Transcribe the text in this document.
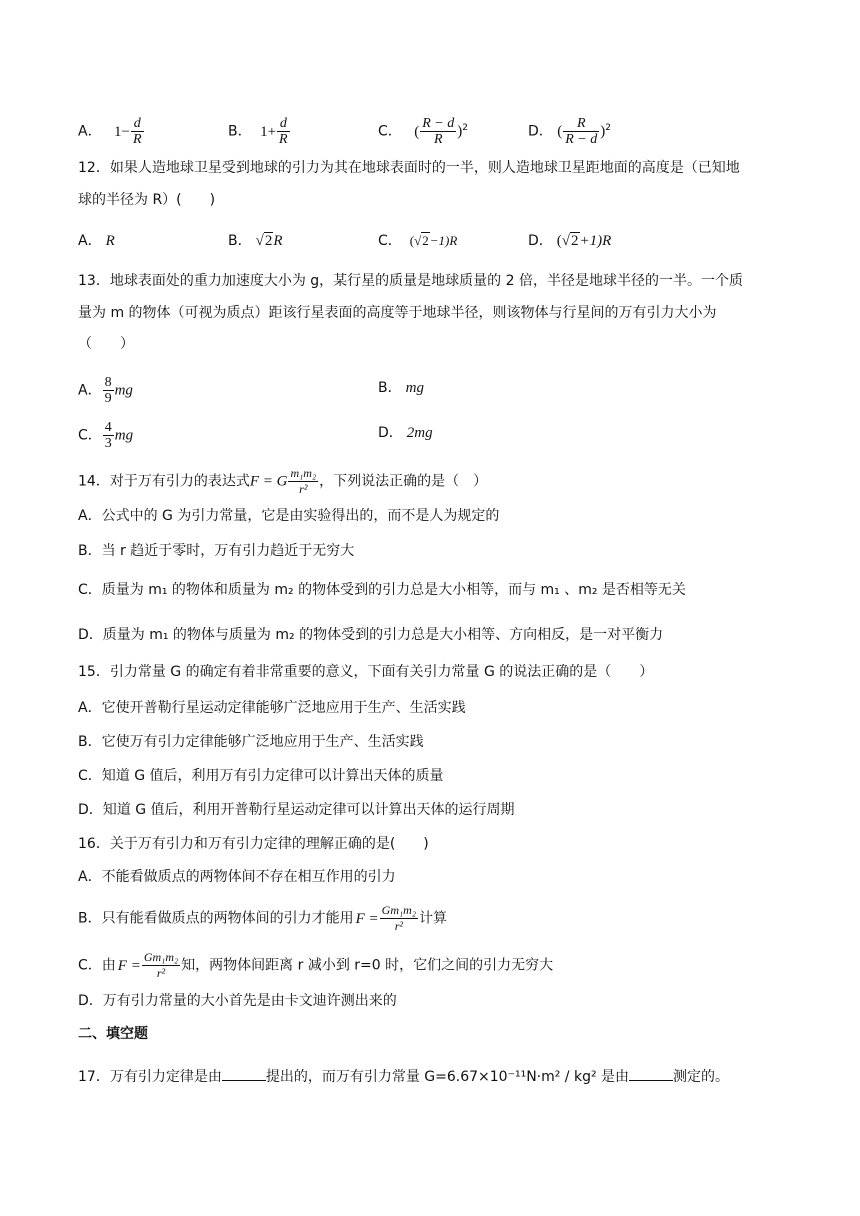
A． $1- \frac{d}{R}$	B． $1+ \frac{d}{R}$	C． ( $\frac{R - d}{R} )^2$	D． ( $\frac{R}{R - d} )^2$
12．如果人造地球卫星受到地球的引力为其在地球表面时的一半，则人造地球卫星距地面的高度是（已知地
球的半径为 R）(　　)
A． R	B． √2R	C． (√2−1)R	D． (√2+1)R
13．地球表面处的重力加速度大小为 g，某行星的质量是地球质量的 2 倍，半径是地球半径的一半。一个质
量为 m 的物体（可视为质点）距该行星表面的高度等于地球半径，则该物体与行星间的万有引力大小为
（　　）
A． $\frac{8}{9}$ mg	B． mg
C． $\frac{4}{3}$ mg	D． 2mg
14．对于万有引力的表达式F = G $\frac{\text{m₁m₂}}{\text{r²}}$ ，下列说法正确的是（　）
A．公式中的 G 为引力常量，它是由实验得出的，而不是人为规定的
B．当 r 趋近于零时，万有引力趋近于无穷大
C．质量为 m₁ 的物体和质量为 m₂ 的物体受到的引力总是大小相等，而与 m₁ 、m₂ 是否相等无关
D．质量为 m₁ 的物体与质量为 m₂ 的物体受到的引力总是大小相等、方向相反，是一对平衡力
15．引力常量 G 的确定有着非常重要的意义，下面有关引力常量 G 的说法正确的是（　　）
A．它使开普勒行星运动定律能够广泛地应用于生产、生活实践
B．它使万有引力定律能够广泛地应用于生产、生活实践
C．知道 G 值后，利用万有引力定律可以计算出天体的质量
D．知道 G 值后，利用开普勒行星运动定律可以计算出天体的运行周期
16．关于万有引力和万有引力定律的理解正确的是(　　)
A．不能看做质点的两物体间不存在相互作用的引力
B．只有能看做质点的两物体间的引力才能用 $F = \frac{\text{Gm₁m₂}}{\text{r²}}$ 计算
C．由 $F = \frac{\text{Gm₁m₂}}{\text{r²}}$ 知，两物体间距离 r 减小到 r=0 时，它们之间的引力无穷大
D．万有引力常量的大小首先是由卡文迪许测出来的
二、填空题
17．万有引力定律是由	提出的，而万有引力常量 G=6.67×10⁻¹¹N·m² / kg² 是由	测定的。
